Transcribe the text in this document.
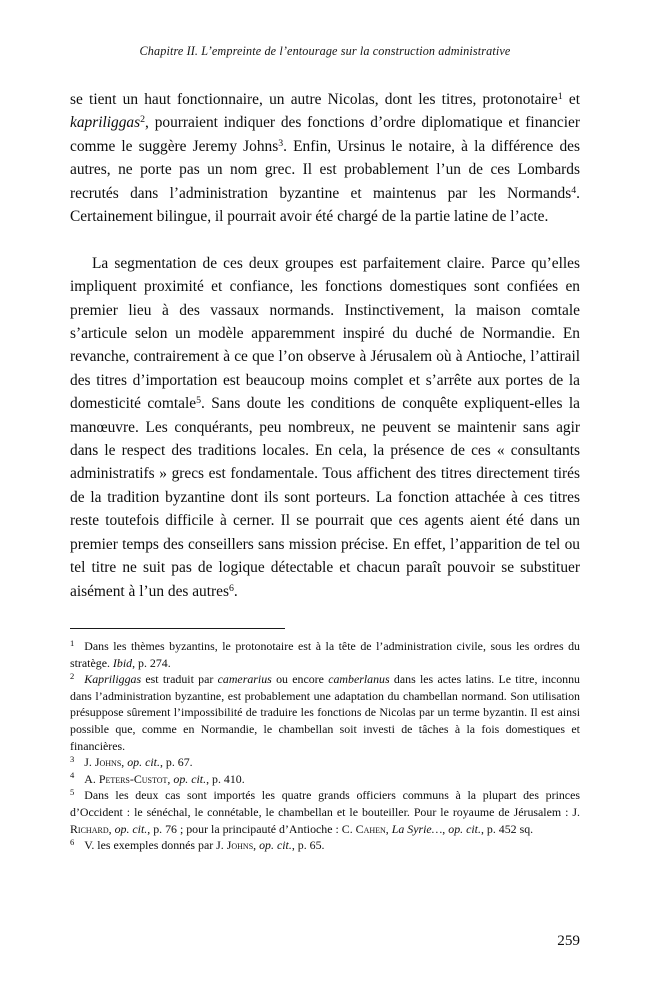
Chapitre II. L’empreinte de l’entourage sur la construction administrative

se tient un haut fonctionnaire, un autre Nicolas, dont les titres, protonotaire$^1$ et kapriliggas$^2$, pourraient indiquer des fonctions d’ordre diplomatique et financier comme le suggère Jeremy Johns$^3$. Enfin, Ursinus le notaire, à la différence des autres, ne porte pas un nom grec. Il est probablement l’un de ces Lombards recrutés dans l’administration byzantine et maintenus par les Normands$^4$. Certainement bilingue, il pourrait avoir été chargé de la partie latine de l’acte.

La segmentation de ces deux groupes est parfaitement claire. Parce qu’elles impliquent proximité et confiance, les fonctions domestiques sont confiées en premier lieu à des vassaux normands. Instinctivement, la maison comtale s’articule selon un modèle apparemment inspiré du duché de Normandie. En revanche, contrairement à ce que l’on observe à Jérusalem où à Antioche, l’attirail des titres d’importation est beaucoup moins complet et s’arrête aux portes de la domesticité comtale$^5$. Sans doute les conditions de conquête expliquent-elles la manœuvre. Les conquérants, peu nombreux, ne peuvent se maintenir sans agir dans le respect des traditions locales. En cela, la présence de ces « consultants administratifs » grecs est fondamentale. Tous affichent des titres directement tirés de la tradition byzantine dont ils sont porteurs. La fonction attachée à ces titres reste toutefois difficile à cerner. Il se pourrait que ces agents aient été dans un premier temps des conseillers sans mission précise. En effet, l’apparition de tel ou tel titre ne suit pas de logique détectable et chacun paraît pouvoir se substituer aisément à l’un des autres$^6$.

$^1$ Dans les thèmes byzantins, le protonotaire est à la tête de l’administration civile, sous les ordres du stratège. Ibid, p. 274.

$^2$ Kapriliggas est traduit par camerarius ou encore camberlanus dans les actes latins. Le titre, inconnu dans l’administration byzantine, est probablement une adaptation du chambellan normand. Son utilisation présuppose sûrement l’impossibilité de traduire les fonctions de Nicolas par un terme byzantin. Il est ainsi possible que, comme en Normandie, le chambellan soit investi de tâches à la fois domestiques et financières.

$^3$ J. Johns, op. cit., p. 67.

$^4$ A. Peters-Custot, op. cit., p. 410.

$^5$ Dans les deux cas sont importés les quatre grands officiers communs à la plupart des princes d’Occident : le sénéchal, le connétable, le chambellan et le bouteiller. Pour le royaume de Jérusalem : J. Richard, op. cit., p. 76 ; pour la principauté d’Antioche : C. Cahen, La Syrie…, op. cit., p. 452 sq.

$^6$ V. les exemples donnés par J. Johns, op. cit., p. 65.

259
